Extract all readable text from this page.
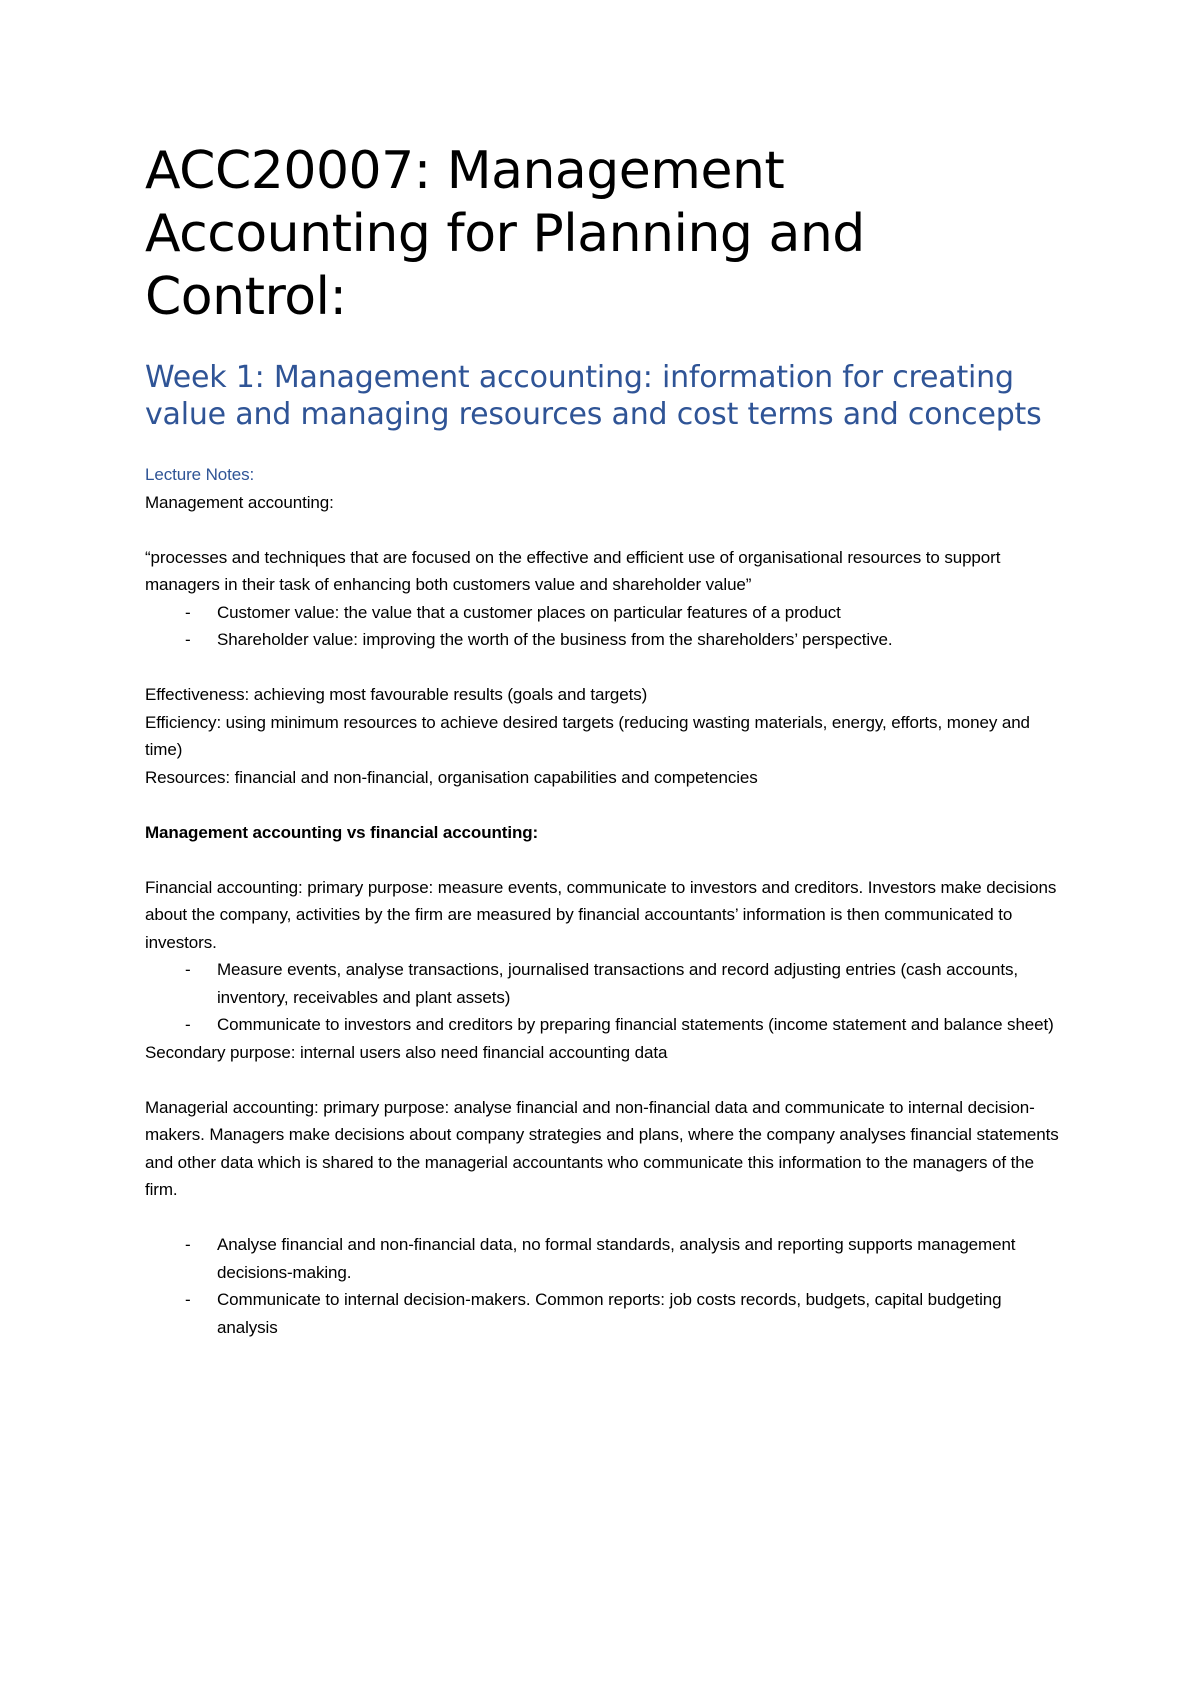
ACC20007: Management Accounting for Planning and Control:
Week 1: Management accounting: information for creating value and managing resources and cost terms and concepts

Lecture Notes:

Management accounting:

“processes and techniques that are focused on the effective and efficient use of organisational resources to support managers in their task of enhancing both customers value and shareholder value”

- Customer value: the value that a customer places on particular features of a product
- Shareholder value: improving the worth of the business from the shareholders’ perspective.

Effectiveness: achieving most favourable results (goals and targets)

Efficiency: using minimum resources to achieve desired targets (reducing wasting materials, energy, efforts, money and time)

Resources: financial and non-financial, organisation capabilities and competencies

Management accounting vs financial accounting:

Financial accounting: primary purpose: measure events, communicate to investors and creditors. Investors make decisions about the company, activities by the firm are measured by financial accountants’ information is then communicated to investors.

- Measure events, analyse transactions, journalised transactions and record adjusting entries (cash accounts, inventory, receivables and plant assets)
- Communicate to investors and creditors by preparing financial statements (income statement and balance sheet)

Secondary purpose: internal users also need financial accounting data

Managerial accounting: primary purpose: analyse financial and non-financial data and communicate to internal decision-makers. Managers make decisions about company strategies and plans, where the company analyses financial statements and other data which is shared to the managerial accountants who communicate this information to the managers of the firm.

- Analyse financial and non-financial data, no formal standards, analysis and reporting supports management decisions-making.
- Communicate to internal decision-makers. Common reports: job costs records, budgets, capital budgeting analysis
